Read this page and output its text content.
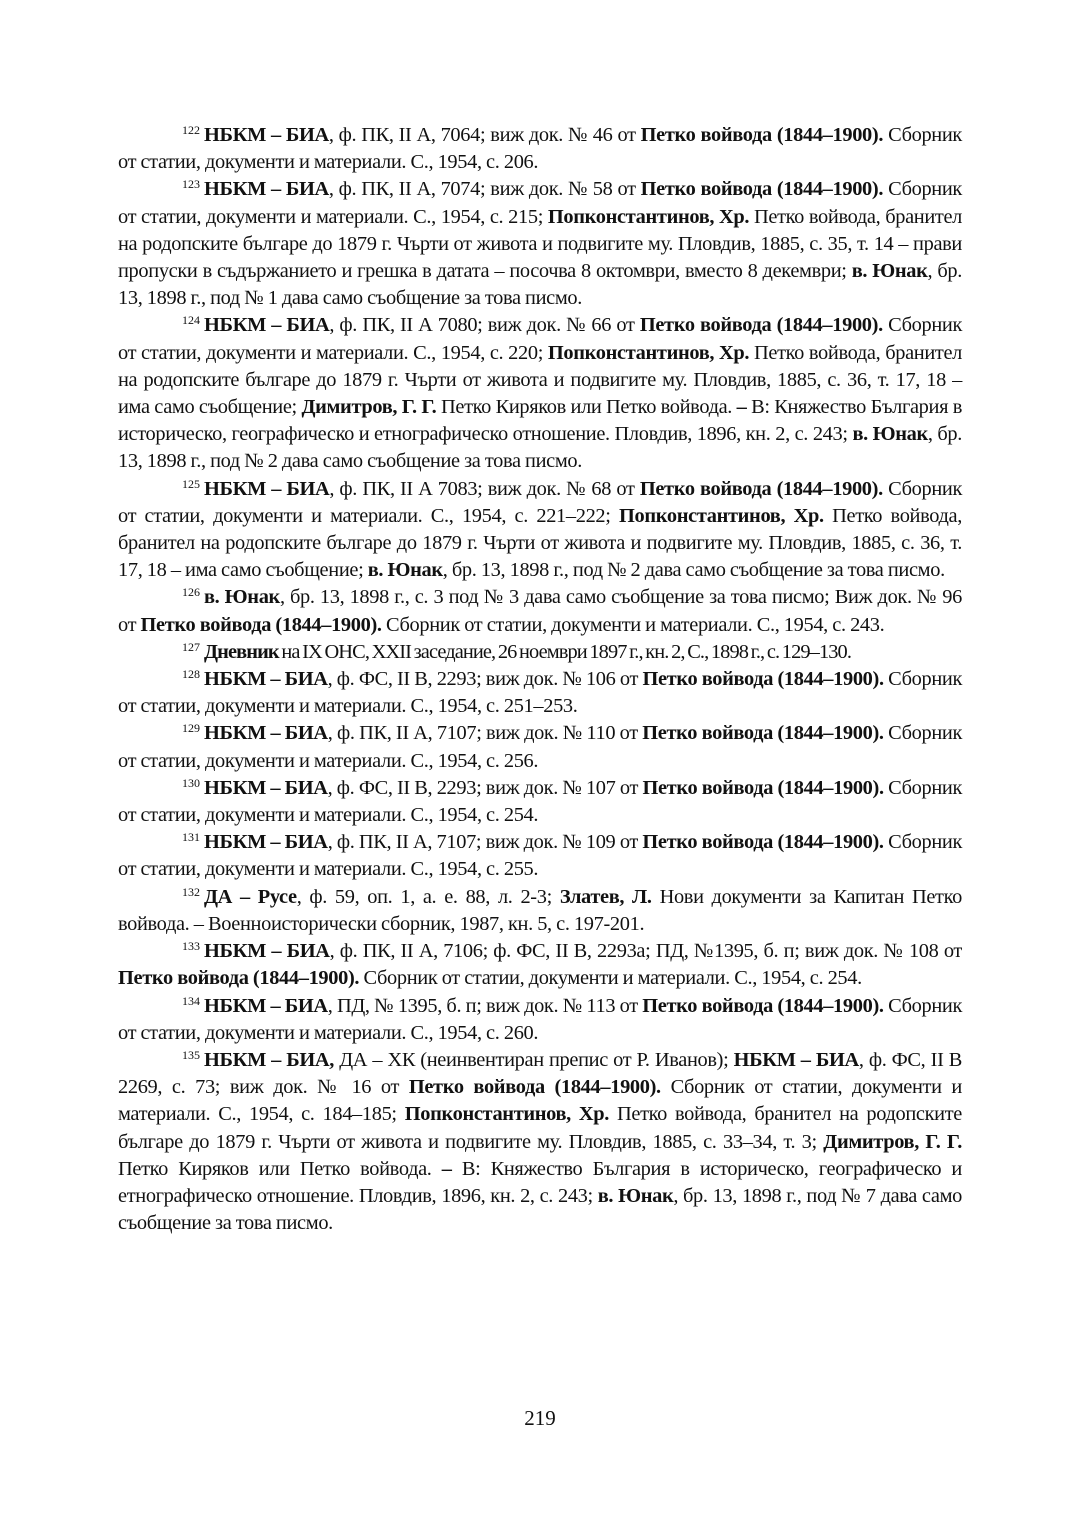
$^{122}$ НБКМ – БИА, ф. ПК, II А, 7064; виж док. № 46 от Петко войвода (1844–1900). Сборник от статии, документи и материали. С., 1954, с. 206.

$^{123}$ НБКМ – БИА, ф. ПК, II А, 7074; виж док. № 58 от Петко войвода (1844–1900). Сборник от статии, документи и материали. С., 1954, с. 215; Попконстантинов, Хр. Петко войвода, бранител на родопските българе до 1879 г. Чърти от живота и подвигите му. Пловдив, 1885, с. 35, т. 14 – прави пропуски в съдържанието и грешка в датата – посочва 8 октомври, вместо 8 декември; в. Юнак, бр. 13, 1898 г., под № 1 дава само съобщение за това писмо.

$^{124}$ НБКМ – БИА, ф. ПК, II А 7080; виж док. № 66 от Петко войвода (1844–1900). Сборник от статии, документи и материали. С., 1954, с. 220; Попконстантинов, Хр. Петко войвода, бранител на родопските българе до 1879 г. Чърти от живота и подвигите му. Пловдив, 1885, с. 36, т. 17, 18 – има само съобщение; Димитров, Г. Г. Петко Киряков или Петко войвода. – В: Княжество България в историческо, географическо и етнографическо отношение. Пловдив, 1896, кн. 2, с. 243; в. Юнак, бр. 13, 1898 г., под № 2 дава само съобщение за това писмо.

$^{125}$ НБКМ – БИА, ф. ПК, II А 7083; виж док. № 68 от Петко войвода (1844–1900). Сборник от статии, документи и материали. С., 1954, с. 221–222; Попконстантинов, Хр. Петко войвода, бранител на родопските българе до 1879 г. Чърти от живота и подвигите му. Пловдив, 1885, с. 36, т. 17, 18 – има само съобщение; в. Юнак, бр. 13, 1898 г., под № 2 дава само съобщение за това писмо.

$^{126}$ в. Юнак, бр. 13, 1898 г., с. 3 под № 3 дава само съобщение за това писмо; Виж док. № 96 от Петко войвода (1844–1900). Сборник от статии, документи и материали. С., 1954, с. 243.

$^{127}$ Дневник на IX ОНС, XXII заседание, 26 ноември 1897 г., кн. 2, С., 1898 г., с. 129–130.

$^{128}$ НБКМ – БИА, ф. ФС, II В, 2293; виж док. № 106 от Петко войвода (1844–1900). Сборник от статии, документи и материали. С., 1954, с. 251–253.

$^{129}$ НБКМ – БИА, ф. ПК, II А, 7107; виж док. № 110 от Петко войвода (1844–1900). Сборник от статии, документи и материали. С., 1954, с. 256.

$^{130}$ НБКМ – БИА, ф. ФС, II В, 2293; виж док. № 107 от Петко войвода (1844–1900). Сборник от статии, документи и материали. С., 1954, с. 254.

$^{131}$ НБКМ – БИА, ф. ПК, II А, 7107; виж док. № 109 от Петко войвода (1844–1900). Сборник от статии, документи и материали. С., 1954, с. 255.

$^{132}$ ДА – Русе, ф. 59, оп. 1, а. е. 88, л. 2-3; Златев, Л. Нови документи за Капитан Петко войвода. – Военноисторически сборник, 1987, кн. 5, с. 197-201.

$^{133}$ НБКМ – БИА, ф. ПК, II А, 7106; ф. ФС, II В, 2293а; ПД, №1395, б. п; виж док. № 108 от Петко войвода (1844–1900). Сборник от статии, документи и материали. С., 1954, с. 254.

$^{134}$ НБКМ – БИА, ПД, № 1395, б. п; виж док. № 113 от Петко войвода (1844–1900). Сборник от статии, документи и материали. С., 1954, с. 260.

$^{135}$ НБКМ – БИА, ДА – ХК (неинвентиран препис от Р. Иванов); НБКМ – БИА, ф. ФС, II В 2269, с. 73; виж док. № 16 от Петко войвода (1844–1900). Сборник от статии, документи и материали. С., 1954, с. 184–185; Попконстантинов, Хр. Петко войвода, бранител на родопските българе до 1879 г. Чърти от живота и подвигите му. Пловдив, 1885, с. 33–34, т. 3; Димитров, Г. Г. Петко Киряков или Петко войвода. – В: Княжество България в историческо, географическо и етнографическо отношение. Пловдив, 1896, кн. 2, с. 243; в. Юнак, бр. 13, 1898 г., под № 7 дава само съобщение за това писмо.

219
